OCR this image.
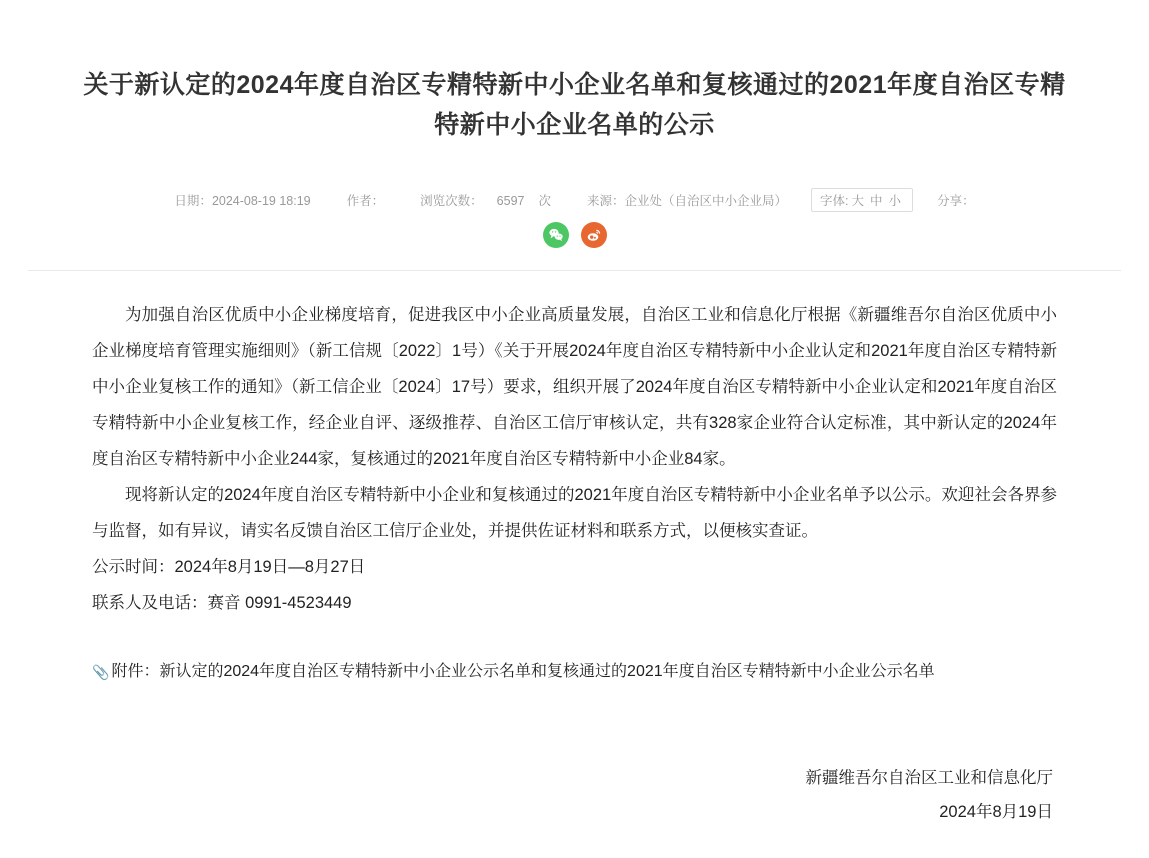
关于新认定的2024年度自治区专精特新中小企业名单和复核通过的2021年度自治区专精特新中小企业名单的公示
日期：2024-08-19 18:19	作者：	浏览次数： 6597 次	来源：企业处（自治区中小企业局）	字体: 大 中 小	分享：

为加强自治区优质中小企业梯度培育，促进我区中小企业高质量发展，自治区工业和信息化厅根据《新疆维吾尔自治区优质中小企业梯度培育管理实施细则》（新工信规〔2022〕1号）《关于开展2024年度自治区专精特新中小企业认定和2021年度自治区专精特新中小企业复核工作的通知》（新工信企业〔2024〕17号）要求，组织开展了2024年度自治区专精特新中小企业认定和2021年度自治区专精特新中小企业复核工作，经企业自评、逐级推荐、自治区工信厅审核认定，共有328家企业符合认定标准，其中新认定的2024年度自治区专精特新中小企业244家，复核通过的2021年度自治区专精特新中小企业84家。

现将新认定的2024年度自治区专精特新中小企业和复核通过的2021年度自治区专精特新中小企业名单予以公示。欢迎社会各界参与监督，如有异议，请实名反馈自治区工信厅企业处，并提供佐证材料和联系方式，以便核实查证。

公示时间：2024年8月19日—8月27日

联系人及电话：赛音 0991-4523449

📎 附件： 新认定的2024年度自治区专精特新中小企业公示名单和复核通过的2021年度自治区专精特新中小企业公示名单
新疆维吾尔自治区工业和信息化厅
2024年8月19日
